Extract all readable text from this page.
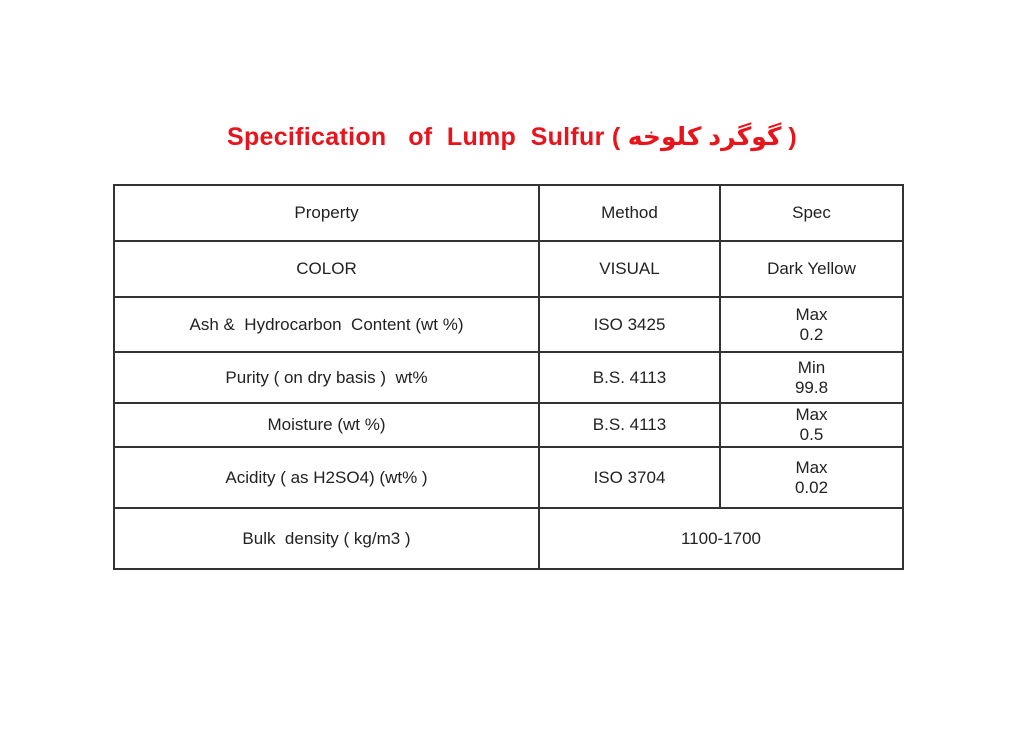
Specification   of  Lump  Sulfur ( گوگرد کلوخه )
Property	Method	Spec
COLOR	VISUAL	Dark Yellow
Ash &  Hydrocarbon  Content (wt %)	ISO 3425	Max
0.2

Purity ( on dry basis )  wt%	B.S. 4113	Min
99.8

Moisture (wt %)	B.S. 4113	Max
0.5

Acidity ( as H2SO4) (wt% )	ISO 3704	Max
0.02

Bulk  density ( kg/m3 )	1100-1700	
